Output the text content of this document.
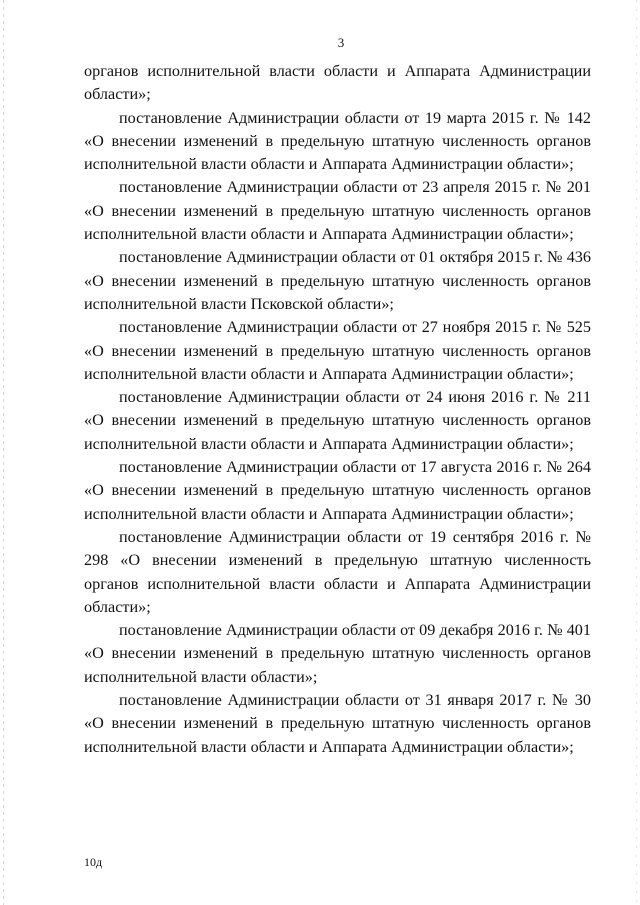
3

органов исполнительной власти области и Аппарата Администрации области»;

постановление Администрации области от 19 марта 2015 г. № 142 «О внесении изменений в предельную штатную численность органов исполнительной власти области и Аппарата Администрации области»;

постановление Администрации области от 23 апреля 2015 г. № 201 «О внесении изменений в предельную штатную численность органов исполнительной власти области и Аппарата Администрации области»;

постановление Администрации области от 01 октября 2015 г. № 436 «О внесении изменений в предельную штатную численность органов исполнительной власти Псковской области»;

постановление Администрации области от 27 ноября 2015 г. № 525 «О внесении изменений в предельную штатную численность органов исполнительной власти области и Аппарата Администрации области»;

постановление Администрации области от 24 июня 2016 г. № 211 «О внесении изменений в предельную штатную численность органов исполнительной власти области и Аппарата Администрации области»;

постановление Администрации области от 17 августа 2016 г. № 264 «О внесении изменений в предельную штатную численность органов исполнительной власти области и Аппарата Администрации области»;

постановление Администрации области от 19 сентября 2016 г. № 298 «О внесении изменений в предельную штатную численность органов исполнительной власти области и Аппарата Администрации области»;

постановление Администрации области от 09 декабря 2016 г. № 401 «О внесении изменений в предельную штатную численность органов исполнительной власти области»;

постановление Администрации области от 31 января 2017 г. № 30 «О внесении изменений в предельную штатную численность органов исполнительной власти области и Аппарата Администрации области»;

10д
